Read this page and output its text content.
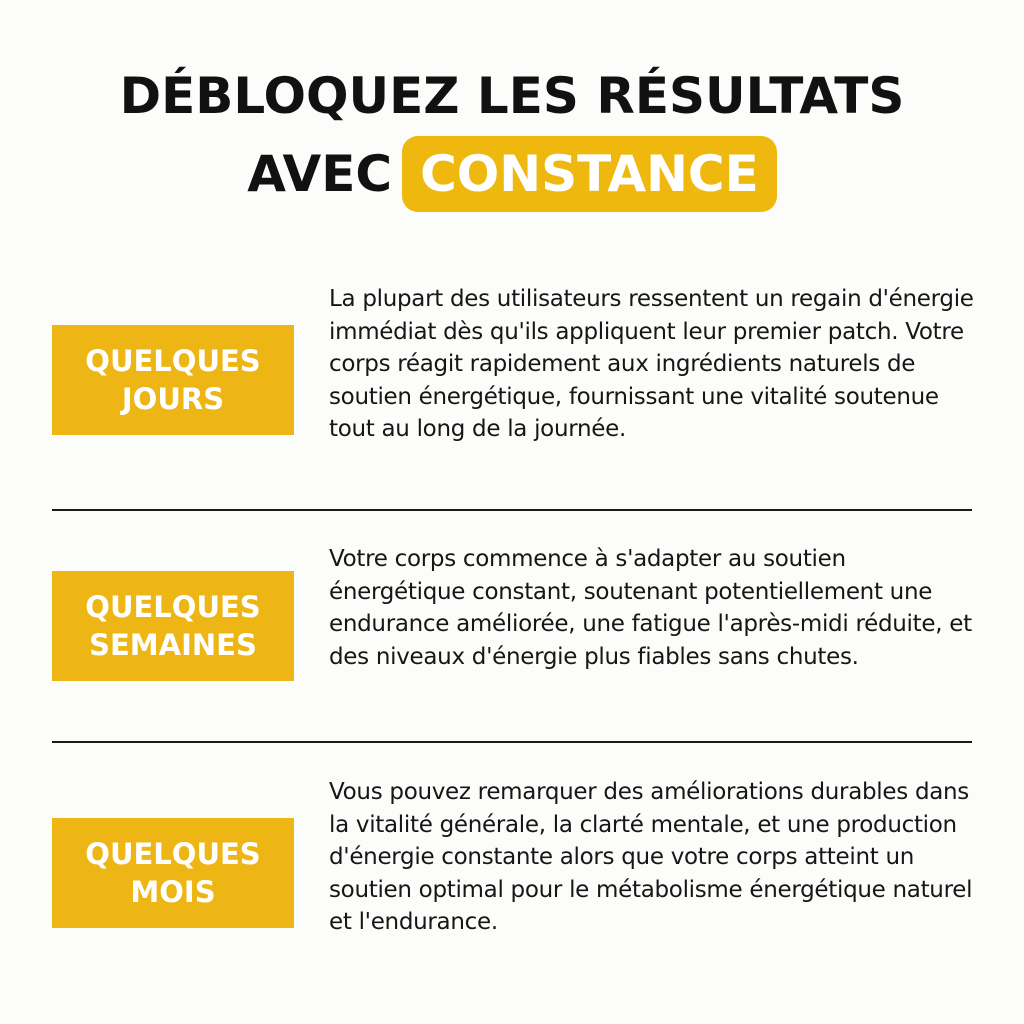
DÉBLOQUEZ LES RÉSULTATS
AVEC CONSTANCE
QUELQUES
JOURS
La plupart des utilisateurs ressentent un regain d'énergie immédiat dès qu'ils appliquent leur premier patch. Votre corps réagit rapidement aux ingrédients naturels de soutien énergétique, fournissant une vitalité soutenue tout au long de la journée.
QUELQUES
SEMAINES
Votre corps commence à s'adapter au soutien énergétique constant, soutenant potentiellement une endurance améliorée, une fatigue l'après-midi réduite, et des niveaux d'énergie plus fiables sans chutes.
QUELQUES
MOIS
Vous pouvez remarquer des améliorations durables dans la vitalité générale, la clarté mentale, et une production d'énergie constante alors que votre corps atteint un soutien optimal pour le métabolisme énergétique naturel et l'endurance.
